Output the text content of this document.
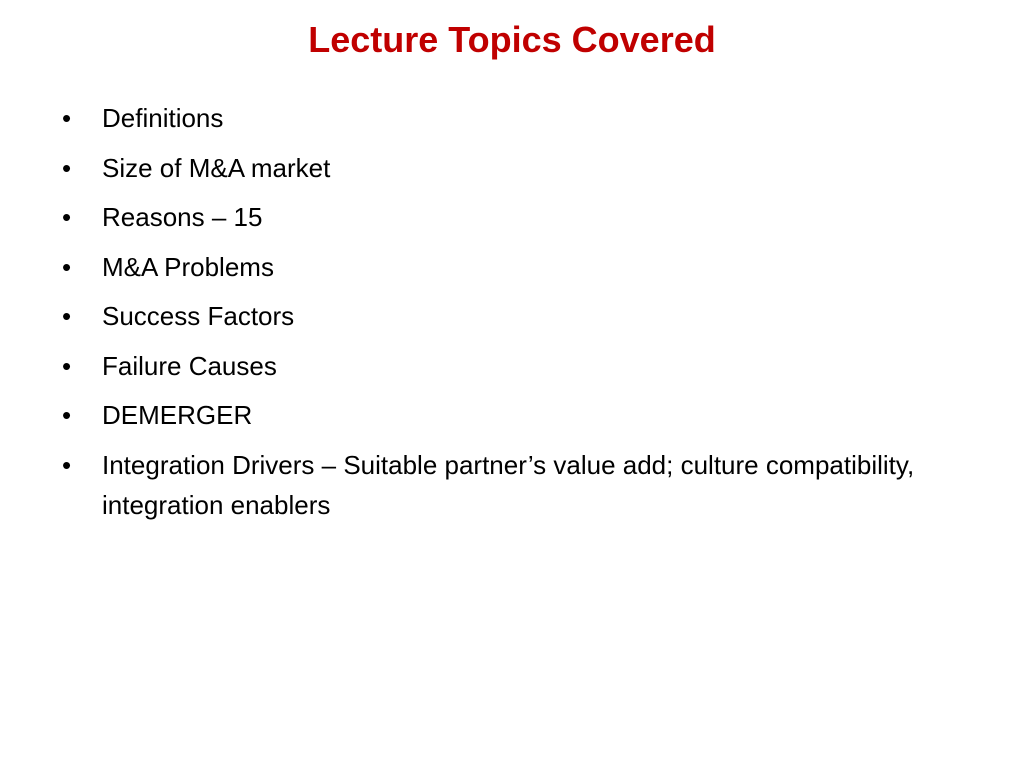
Lecture Topics Covered
• Definitions
• Size of M&A market
• Reasons – 15
• M&A Problems
• Success Factors
• Failure Causes
• DEMERGER
• Integration Drivers – Suitable partner’s value add; culture compatibility, integration enablers
